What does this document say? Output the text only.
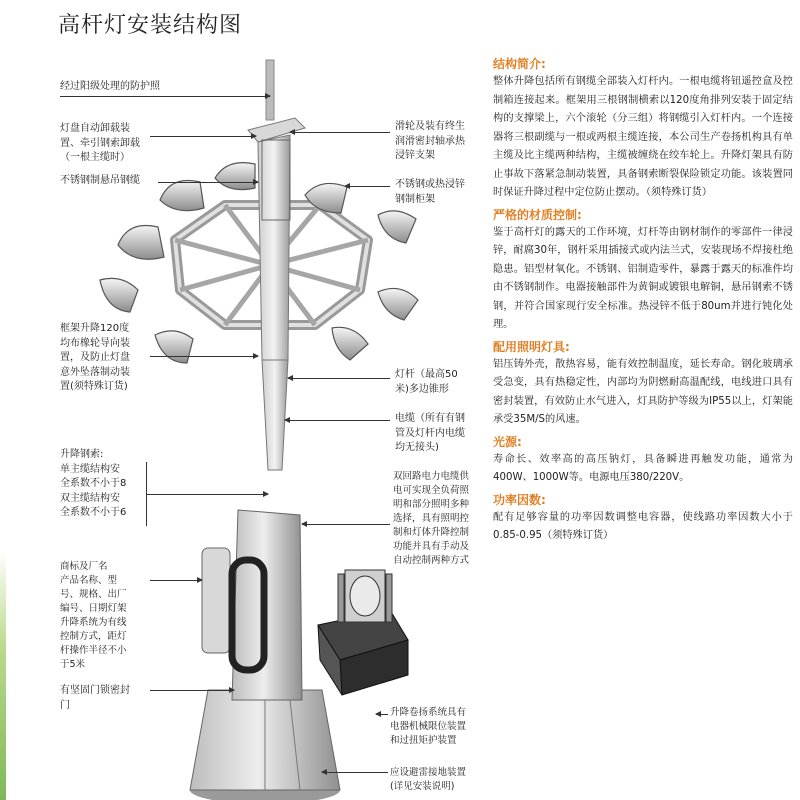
高杆灯安装结构图
经过阳级处理的防护照
灯盘自动卸载装
置、牵引钢索卸载
（一根主缆时）
不锈钢制悬吊钢缆
框架升降120度
均布橡轮导向装
置，及防止灯盘
意外坠落制动装
置(须特殊订货)
升降钢索:
单主缆结构安
全系数不小于8
双主缆结构安
全系数不小于6
商标及厂名
产品名称、型
号、规格、出厂
编号、日期灯架
升降系统为有线
控制方式，距灯
杆操作半径不小
于5米
有坚固门锁密封
门
滑轮及装有终生
润滑密封轴承热
浸锌支架
不锈钢或热浸锌
钢制柜架
灯杆（最高50
米)多边锥形
电缆（所有有钢
管及灯杆内电缆
均无接头)
双回路电力电缆供
电可实现全负荷照
明和部分照明多种
选择，具有照明控
制和灯体升降控制
功能并具有手动及
自动控制两种方式
升降卷扬系统具有
电器机械限位装置
和过扭矩护装置
应设避雷接地装置
(详见安装说明)
结构简介:

整体升降包括所有钢缆全部装入灯杆内。一根电缆将钮遥控盒及控制箱连接起来。框架用三根钢制横索以120度角排列安装于固定结构的支撑梁上，六个滚轮（分三组）将钢缆引入灯杆内。一个连接器将三根副缆与一根或两根主缆连接，本公司生产卷扬机构具有单主缆及比主缆两种结构，主缆被缠绕在绞车轮上。升降灯架具有防止事故下落紧急制动装置，具备钢索断裂保险锁定功能。该装置同时保证升降过程中定位防止摆动。（须特殊订货）

严格的材质控制:

鉴于高杆灯的露天的工作环境，灯杆等由钢材制作的零部件一律浸锌，耐腐30年，钢杆采用插接式或内法兰式，安装现场不焊接杜绝隐患。铝型材氧化。不锈钢、铝制造零件，暴露于露天的标准件均由不锈钢制作。电器接触部件为黄铜或镀银电解铜，悬吊钢索不锈钢，并符合国家现行安全标准。热浸锌不低于80um并进行钝化处理。

配用照明灯具:

铝压铸外壳，散热容易，能有效控制温度，延长寿命。钢化玻璃承受急变，具有热稳定性，内部均为阴燃耐高温配线，电线进口具有密封装置，有效防止水气进入，灯具防护等级为IP55以上，灯架能承受35M/S的风速。

光源:

寿命长、效率高的高压钠灯，具备瞬进再触发功能，通常为400W、1000W等。电源电压380/220V。

功率因数:

配有足够容量的功率因数调整电容器，使线路功率因数大小于0.85-0.95（须特殊订货）
